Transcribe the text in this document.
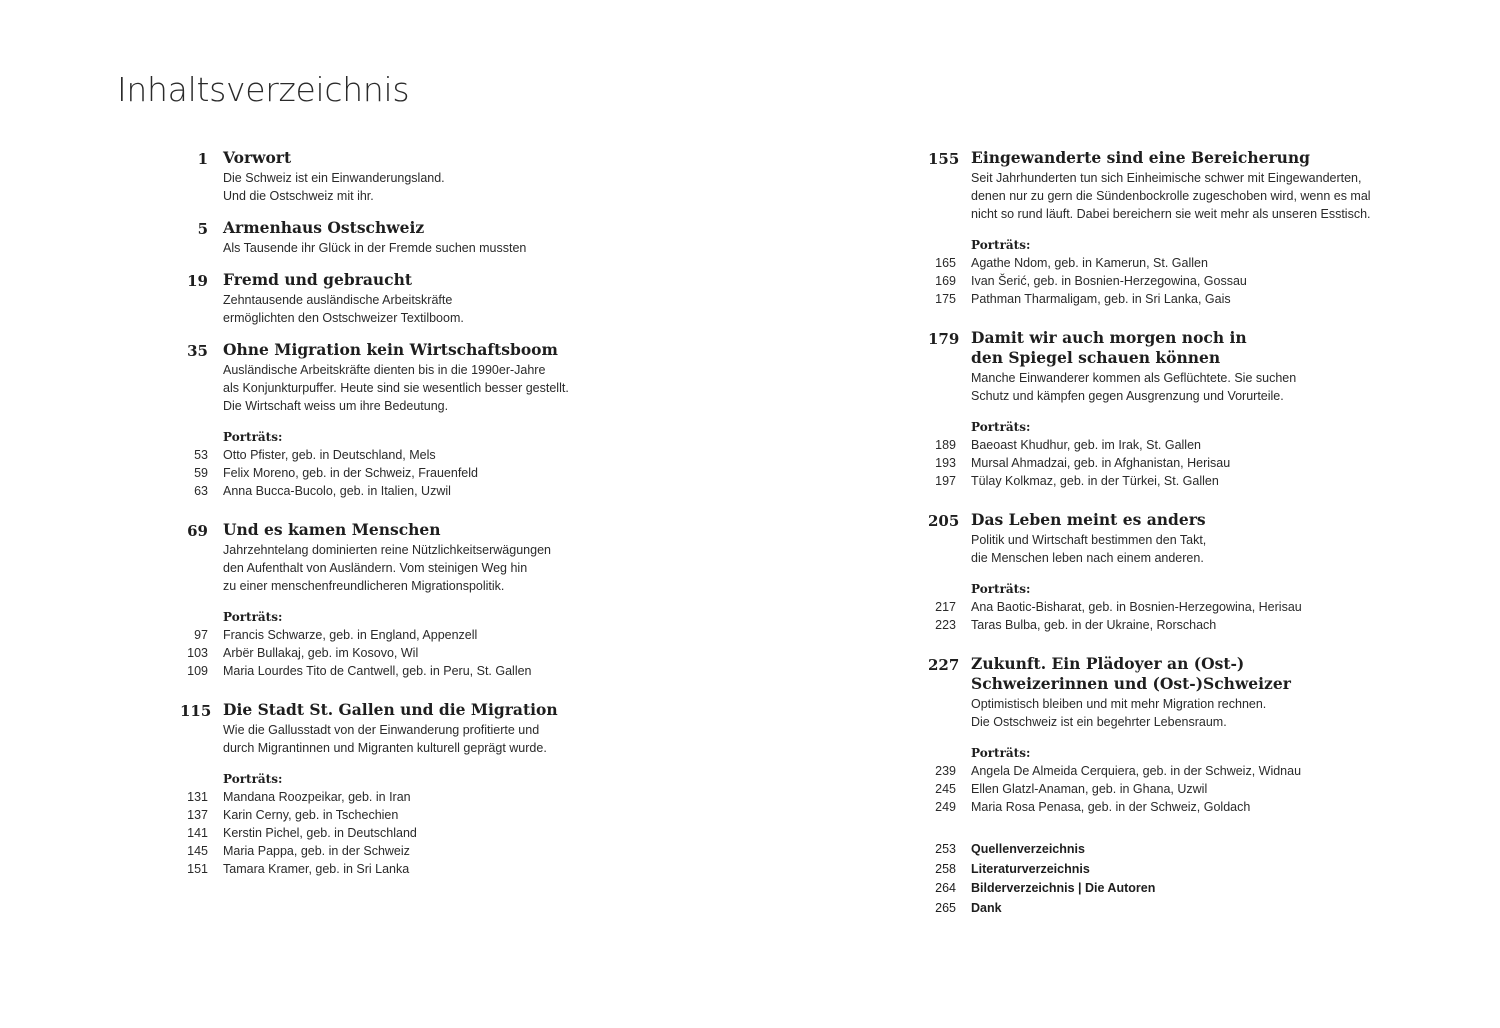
Inhaltsverzeichnis
1 Vorwort
Die Schweiz ist ein Einwanderungsland.
Und die Ostschweiz mit ihr.
5 Armenhaus Ostschweiz
Als Tausende ihr Glück in der Fremde suchen mussten
19 Fremd und gebraucht
Zehntausende ausländische Arbeitskräfte
ermöglichten den Ostschweizer Textilboom.
35 Ohne Migration kein Wirtschaftsboom
Ausländische Arbeitskräfte dienten bis in die 1990er-Jahre
als Konjunkturpuffer. Heute sind sie wesentlich besser gestellt.
Die Wirtschaft weiss um ihre Bedeutung.
Porträts:
53 Otto Pfister, geb. in Deutschland, Mels
59 Felix Moreno, geb. in der Schweiz, Frauenfeld
63 Anna Bucca-Bucolo, geb. in Italien, Uzwil
69 Und es kamen Menschen
Jahrzehntelang dominierten reine Nützlichkeitserwägungen
den Aufenthalt von Ausländern. Vom steinigen Weg hin
zu einer menschenfreundlicheren Migrationspolitik.
Porträts:
97 Francis Schwarze, geb. in England, Appenzell
103 Arbër Bullakaj, geb. im Kosovo, Wil
109 Maria Lourdes Tito de Cantwell, geb. in Peru, St. Gallen
115 Die Stadt St. Gallen und die Migration
Wie die Gallusstadt von der Einwanderung profitierte und
durch Migrantinnen und Migranten kulturell geprägt wurde.
Porträts:
131 Mandana Roozpeikar, geb. in Iran
137 Karin Cerny, geb. in Tschechien
141 Kerstin Pichel, geb. in Deutschland
145 Maria Pappa, geb. in der Schweiz
151 Tamara Kramer, geb. in Sri Lanka
155 Eingewanderte sind eine Bereicherung
Seit Jahrhunderten tun sich Einheimische schwer mit Eingewanderten,
denen nur zu gern die Sündenbockrolle zugeschoben wird, wenn es mal
nicht so rund läuft. Dabei bereichern sie weit mehr als unseren Esstisch.
Porträts:
165 Agathe Ndom, geb. in Kamerun, St. Gallen
169 Ivan Šerić, geb. in Bosnien-Herzegowina, Gossau
175 Pathman Tharmaligam, geb. in Sri Lanka, Gais
179 Damit wir auch morgen noch in
den Spiegel schauen können
Manche Einwanderer kommen als Geflüchtete. Sie suchen
Schutz und kämpfen gegen Ausgrenzung und Vorurteile.
Porträts:
189 Baeoast Khudhur, geb. im Irak, St. Gallen
193 Mursal Ahmadzai, geb. in Afghanistan, Herisau
197 Tülay Kolkmaz, geb. in der Türkei, St. Gallen
205 Das Leben meint es anders
Politik und Wirtschaft bestimmen den Takt,
die Menschen leben nach einem anderen.
Porträts:
217 Ana Baotic-Bisharat, geb. in Bosnien-Herzegowina, Herisau
223 Taras Bulba, geb. in der Ukraine, Rorschach
227 Zukunft. Ein Plädoyer an (Ost-)
Schweizerinnen und (Ost-)Schweizer
Optimistisch bleiben und mit mehr Migration rechnen.
Die Ostschweiz ist ein begehrter Lebensraum.
Porträts:
239 Angela De Almeida Cerquiera, geb. in der Schweiz, Widnau
245 Ellen Glatzl-Anaman, geb. in Ghana, Uzwil
249 Maria Rosa Penasa, geb. in der Schweiz, Goldach
253 Quellenverzeichnis
258 Literaturverzeichnis
264 Bilderverzeichnis | Die Autoren
265 Dank
